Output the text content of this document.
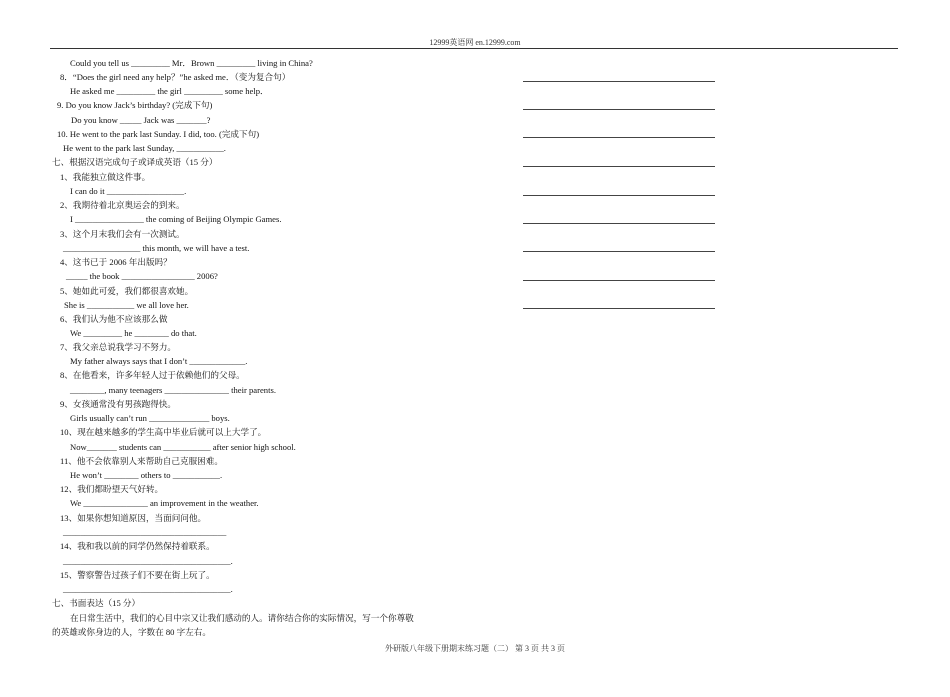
12999英语网 en.12999.com
Could you tell us _________ Mr．Brown _________ living in China?
8．“Does the girl need any help？”he asked me．（变为复合句）
He asked me _________ the girl _________ some help．
9. Do you know Jack’s birthday? (完成下句)
Do you know _____ Jack was _______?
10. He went to the park last Sunday. I did, too. (完成下句)
He went to the park last Sunday, ___________.
七、根据汉语完成句子或译成英语（15 分）
1、我能独立做这件事。
I can do it __________________.
2、我期待着北京奥运会的到来。
I ________________ the coming of Beijing Olympic Games.
3、这个月末我们会有一次测试。
__________________ this month, we will have a test.
4、这书已于 2006 年出版吗？
_____ the book _________________ 2006?
5、她如此可爱，我们都很喜欢她。
She is ___________ we all love her.
6、我们认为他不应该那么做
We _________ he ________ do that.
7、我父亲总说我学习不努力。
My father always says that I don’t _____________.
8、在他看来，许多年轻人过于依赖他们的父母。
________, many teenagers _______________ their parents.
9、女孩通常没有男孩跑得快。
Girls usually can’t run ______________ boys.
10、现在越来越多的学生高中毕业后就可以上大学了。
Now_______ students can ___________ after senior high school.
11、他不会依靠别人来帮助自己克服困难。
He won’t ________ others to ___________.
12、我们都盼望天气好转。
We _______________ an improvement in the weather.
13、如果你想知道原因，当面问问他。
______________________________________
14、我和我以前的同学仍然保持着联系。
_______________________________________.
15、警察警告过孩子们不要在街上玩了。
_______________________________________.
七、书面表达（15 分）
在日常生活中，我们的心目中宗又让我们感动的人。请你结合你的实际情况，写一个你尊敬
的英雄或你身边的人，字数在 80 字左右。
外研版八年级下册期末练习题（二） 第 3 页 共 3 页
